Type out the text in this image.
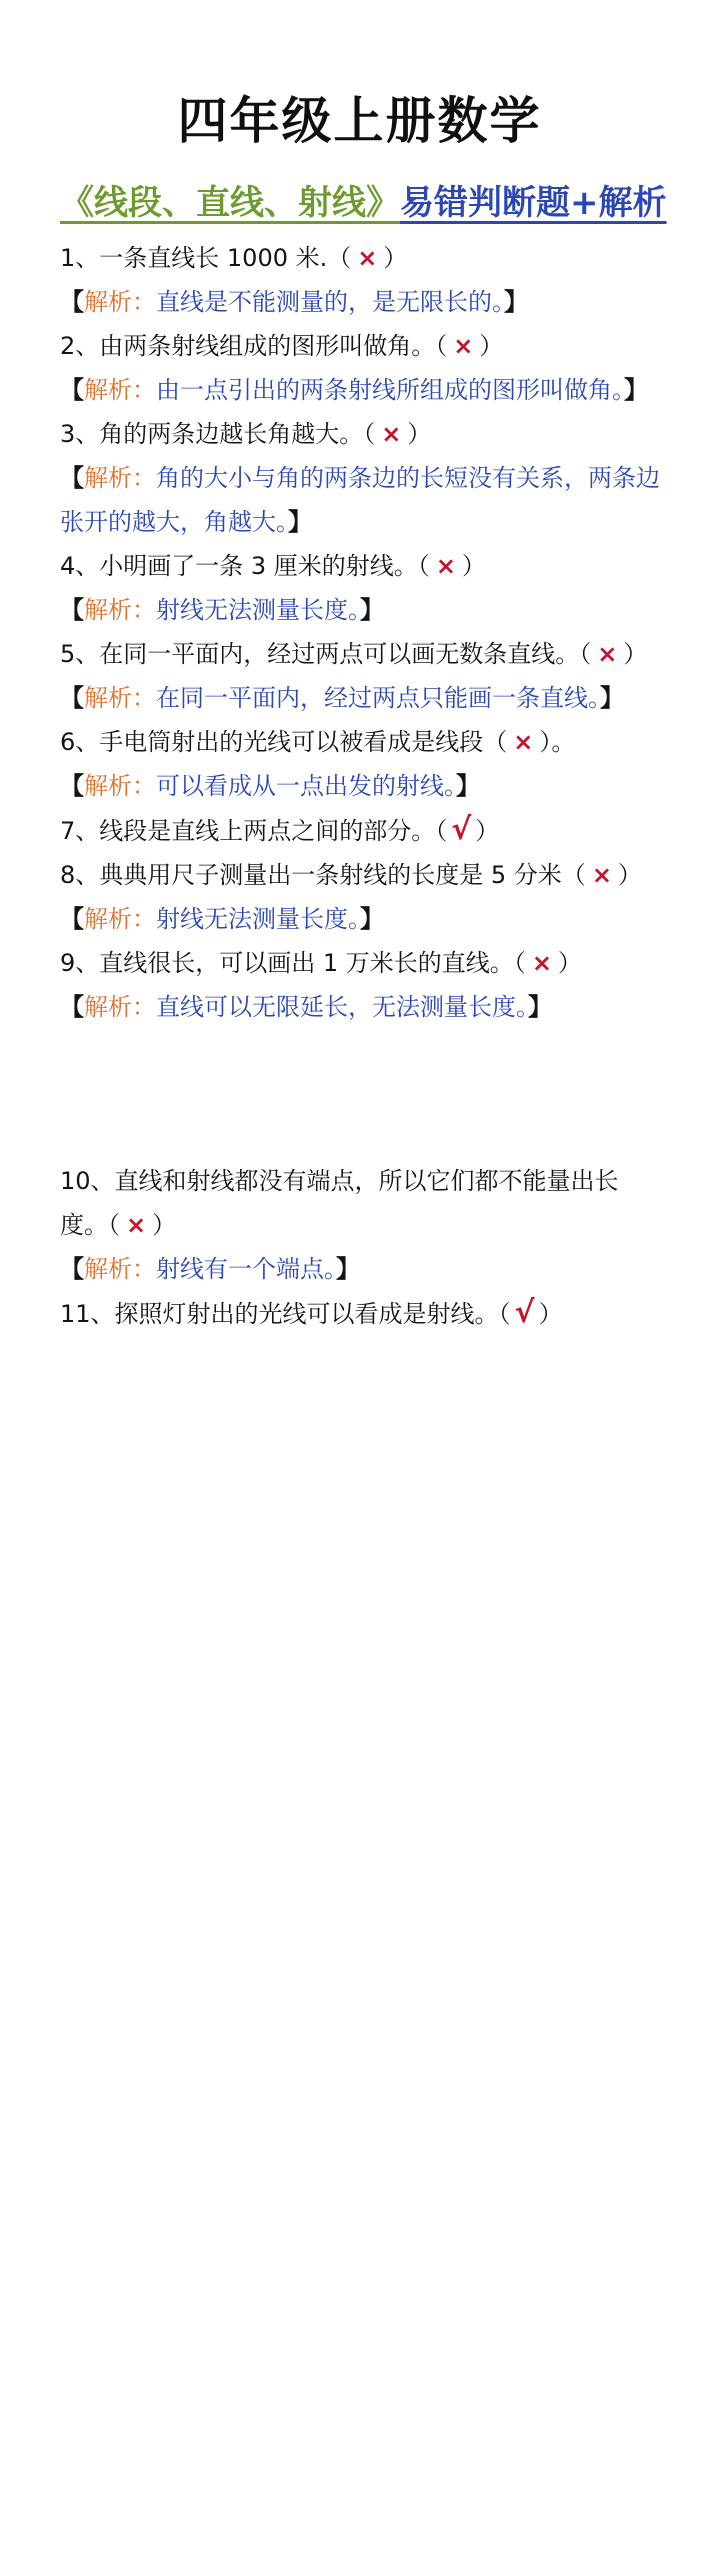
四年级上册数学
《线段、直线、射线》易错判断题+解析

1、一条直线长 1000 米.（ × ）

【解析：直线是不能测量的，是无限长的。】

2、由两条射线组成的图形叫做角。（ × ）

【解析：由一点引出的两条射线所组成的图形叫做角。】

3、角的两条边越长角越大。（ × ）

【解析：角的大小与角的两条边的长短没有关系，两条边张开的越大，角越大。】

4、小明画了一条 3 厘米的射线。（ × ）

【解析：射线无法测量长度。】

5、在同一平面内，经过两点可以画无数条直线。（ × ）

【解析：在同一平面内，经过两点只能画一条直线。】

6、手电筒射出的光线可以被看成是线段（ × ）。

【解析：可以看成从一点出发的射线。】

7、线段是直线上两点之间的部分。（ √ ）

8、典典用尺子测量出一条射线的长度是 5 分米（ × ）

【解析：射线无法测量长度。】

9、直线很长，可以画出 1 万米长的直线。（ × ）

【解析：直线可以无限延长，无法测量长度。】

10、直线和射线都没有端点，所以它们都不能量出长度。（ × ）

【解析：射线有一个端点。】

11、探照灯射出的光线可以看成是射线。（ √ ）
